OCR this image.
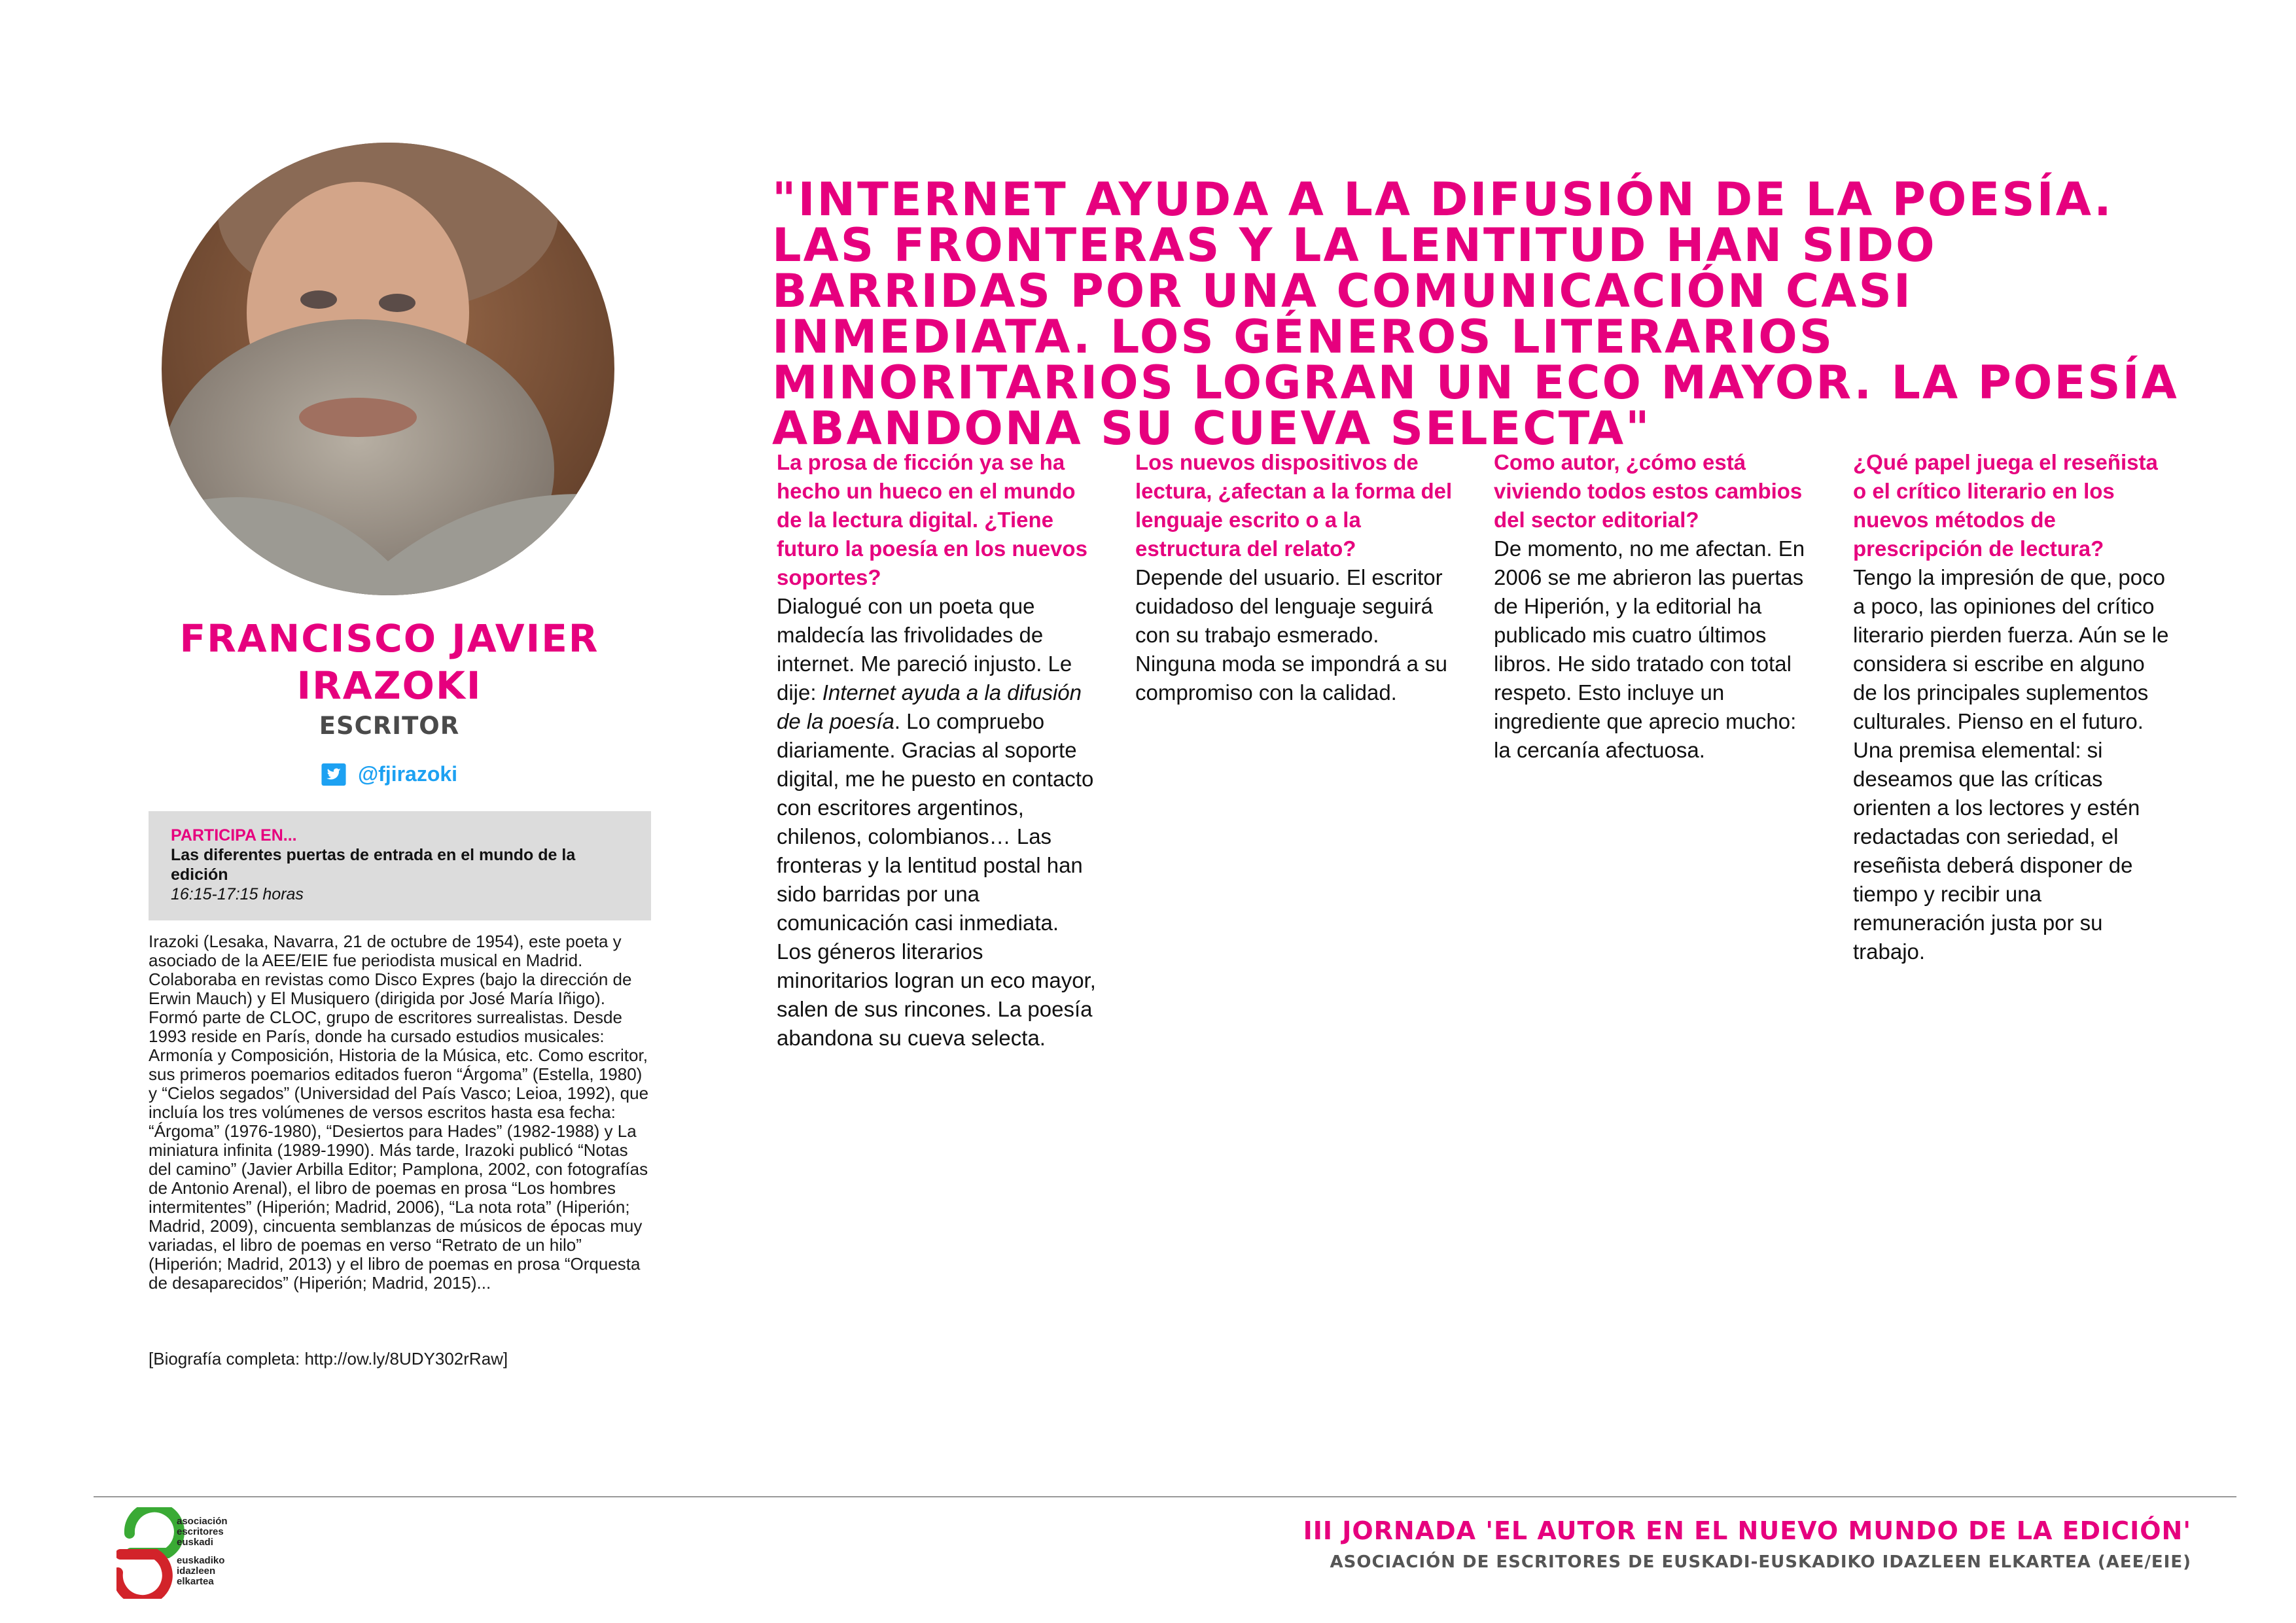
FRANCISCO JAVIER
IRAZOKI
ESCRITOR
@fjirazoki
PARTICIPA EN...
Las diferentes puertas de entrada en el mundo de la edición
16:15-17:15 horas
Irazoki (Lesaka, Navarra, 21 de octubre de 1954), este poeta y asociado de la AEE/EIE fue periodista musical en Madrid. Colaboraba en revistas como Disco Expres (bajo la dirección de Erwin Mauch) y El Musiquero (dirigida por José María Iñigo). Formó parte de CLOC, grupo de escritores surrealistas. Desde 1993 reside en París, donde ha cursado estudios musicales: Armonía y Composición, Historia de la Música, etc. Como escritor, sus primeros poemarios editados fueron “Árgoma” (Estella, 1980) y “Cielos segados” (Universidad del País Vasco; Leioa, 1992), que incluía los tres volúmenes de versos escritos hasta esa fecha: “Árgoma” (1976-1980), “Desiertos para Hades” (1982-1988) y La miniatura infinita (1989-1990). Más tarde, Irazoki publicó “Notas del camino” (Javier Arbilla Editor; Pamplona, 2002, con fotografías de Antonio Arenal), el libro de poemas en prosa “Los hombres intermitentes” (Hiperión; Madrid, 2006), “La nota rota” (Hiperión; Madrid, 2009), cincuenta semblanzas de músicos de épocas muy variadas, el libro de poemas en verso “Retrato de un hilo” (Hiperión; Madrid, 2013) y el libro de poemas en prosa “Orquesta de desaparecidos” (Hiperión; Madrid, 2015)...
[Biografía completa: http://ow.ly/8UDY302rRaw]
"INTERNET AYUDA A LA DIFUSIÓN DE LA POESÍA. LAS FRONTERAS Y LA LENTITUD HAN SIDO BARRIDAS POR UNA COMUNICACIÓN CASI INMEDIATA. LOS GÉNEROS LITERARIOS MINORITARIOS LOGRAN UN ECO MAYOR. LA POESÍA ABANDONA SU CUEVA SELECTA"
La prosa de ficción ya se ha hecho un hueco en el mundo de la lectura digital. ¿Tiene futuro la poesía en los nuevos soportes?
Dialogué con un poeta que maldecía las frivolidades de internet. Me pareció injusto. Le dije: Internet ayuda a la difusión de la poesía. Lo compruebo diariamente. Gracias al soporte digital, me he puesto en contacto con escritores argentinos, chilenos, colombianos… Las fronteras y la lentitud postal han sido barridas por una comunicación casi inmediata. Los géneros literarios minoritarios logran un eco mayor, salen de sus rincones. La poesía abandona su cueva selecta.
Los nuevos dispositivos de lectura, ¿afectan a la forma del lenguaje escrito o a la estructura del relato?
Depende del usuario. El escritor cuidadoso del lenguaje seguirá con su trabajo esmerado. Ninguna moda se impondrá a su compromiso con la calidad.
Como autor, ¿cómo está viviendo todos estos cambios del sector editorial?
De momento, no me afectan. En 2006 se me abrieron las puertas de Hiperión, y la editorial ha publicado mis cuatro últimos libros. He sido tratado con total respeto. Esto incluye un ingrediente que aprecio mucho: la cercanía afectuosa.
¿Qué papel juega el reseñista o el crítico literario en los nuevos métodos de prescripción de lectura?
Tengo la impresión de que, poco a poco, las opiniones del crítico literario pierden fuerza. Aún se le considera si escribe en alguno de los principales suplementos culturales. Pienso en el futuro. Una premisa elemental: si deseamos que las críticas orienten a los lectores y estén redactadas con seriedad, el reseñista deberá disponer de tiempo y recibir una remuneración justa por su trabajo.
asociación escritores euskadi
euskadiko idazleen elkartea
III JORNADA 'EL AUTOR EN EL NUEVO MUNDO DE LA EDICIÓN'
ASOCIACIÓN DE ESCRITORES DE EUSKADI-EUSKADIKO IDAZLEEN ELKARTEA (AEE/EIE)
